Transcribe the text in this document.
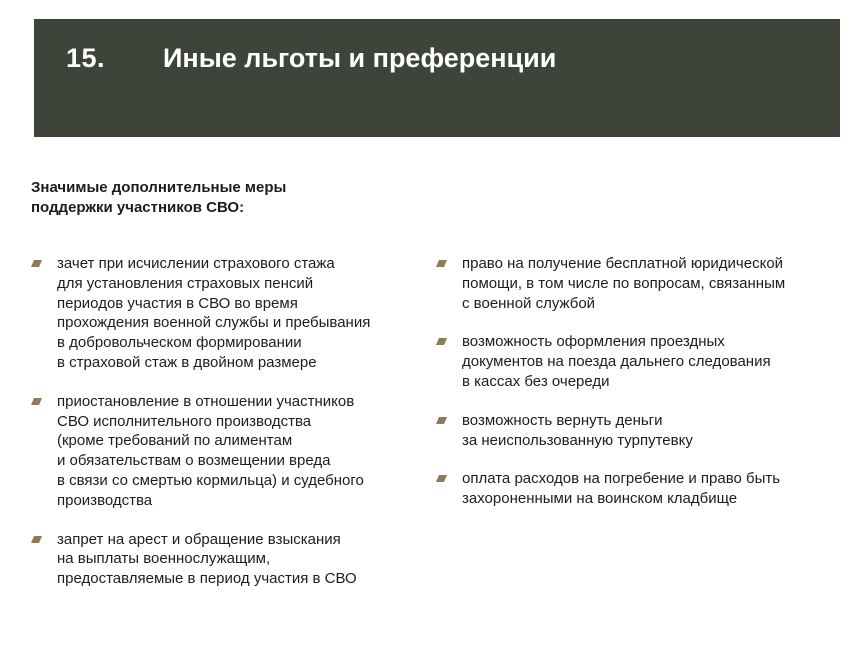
15. Иные льготы и преференции
Значимые дополнительные меры
поддержки участников СВО:
зачет при исчислении страхового стажа
для установления страховых пенсий
периодов участия в СВО во время
прохождения военной службы и пребывания
в добровольческом формировании
в страховой стаж в двойном размере
приостановление в отношении участников
СВО исполнительного производства
(кроме требований по алиментам
и обязательствам о возмещении вреда
в связи со смертью кормильца) и судебного
производства
запрет на арест и обращение взыскания
на выплаты военнослужащим,
предоставляемые в период участия в СВО
право на получение бесплатной юридической
помощи, в том числе по вопросам, связанным
с военной службой
возможность оформления проездных
документов на поезда дальнего следования
в кассах без очереди
возможность вернуть деньги
за неиспользованную турпутевку
оплата расходов на погребение и право быть
захороненными на воинском кладбище
